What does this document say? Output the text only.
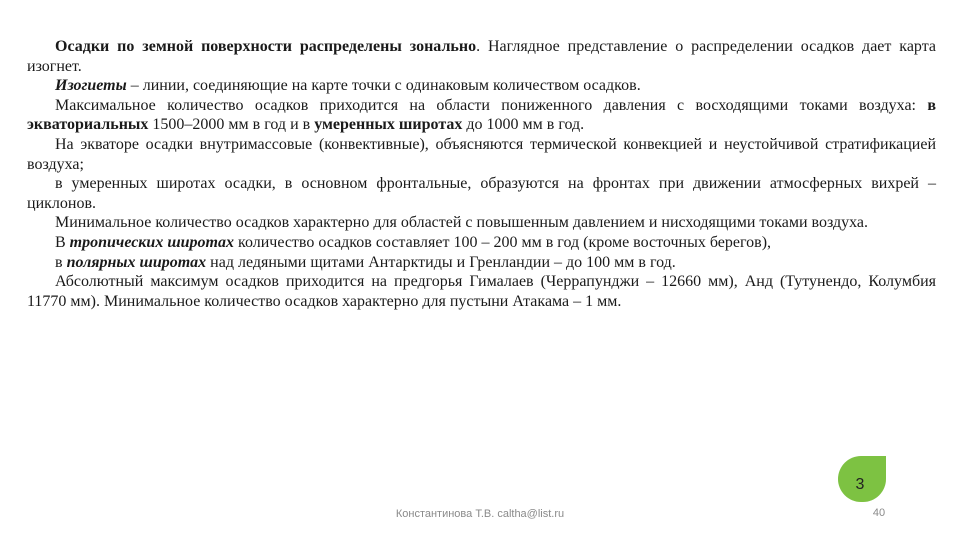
Осадки по земной поверхности распределены зонально. Наглядное представление о распределении осадков дает карта изогнет.

Изогиеты – линии, соединяющие на карте точки с одинаковым количеством осадков.

Максимальное количество осадков приходится на области пониженного давления с восходящими токами воздуха: в экваториальных 1500–2000 мм в год и в умеренных широтах до 1000 мм в год.

На экваторе осадки внутримассовые (конвективные), объясняются термической конвекцией и неустойчивой стратификацией воздуха;

в умеренных широтах осадки, в основном фронтальные, образуются на фронтах при движении атмосферных вихрей – циклонов.

Минимальное количество осадков характерно для областей с повышенным давлением и нисходящими токами воздуха.

В тропических широтах количество осадков составляет 100 – 200 мм в год (кроме восточных берегов),

в полярных широтах над ледяными щитами Антарктиды и Гренландии – до 100 мм в год.

Абсолютный максимум осадков приходится на предгорья Гималаев (Черрапунджи – 12660 мм), Анд (Тутунендо, Колумбия 11770 мм). Минимальное количество осадков характерно для пустыни Атакама – 1 мм.

3
Константинова Т.В. caltha@list.ru	40
